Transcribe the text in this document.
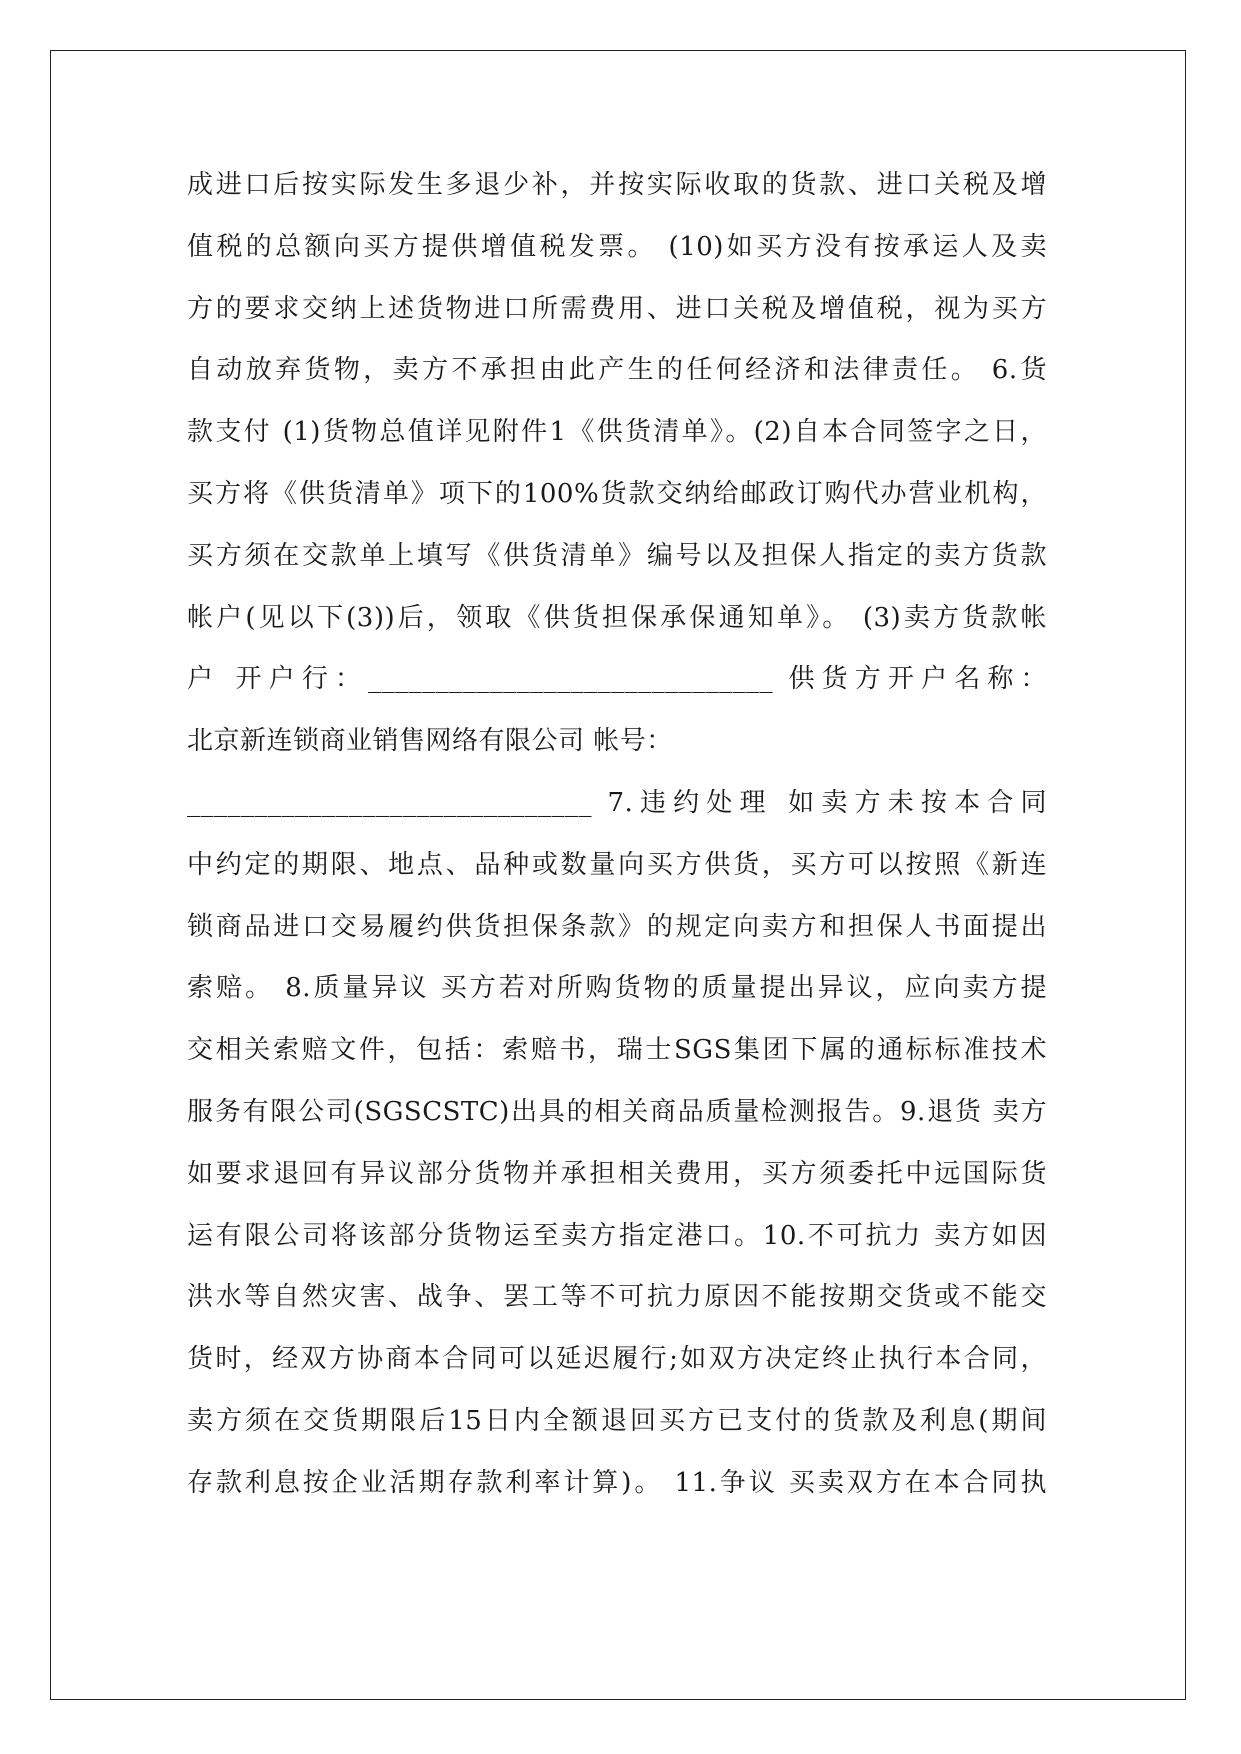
成进口后按实际发生多退少补，并按实际收取的货款、进口关税及增
值税的总额向买方提供增值税发票。 (10)如买方没有按承运人及卖
方的要求交纳上述货物进口所需费用、进口关税及增值税，视为买方
自动放弃货物，卖方不承担由此产生的任何经济和法律责任。 6.货
款支付 (1)货物总值详见附件1《供货清单》。(2)自本合同签字之日，
买方将《供货清单》项下的100%货款交纳给邮政订购代办营业机构，
买方须在交款单上填写《供货清单》编号以及担保人指定的卖方货款
帐户(见以下(3))后，领取《供货担保承保通知单》。 (3)卖方货款帐
户 开户行：______________________________ 供货方开户名称：
北京新连锁商业销售网络有限公司 帐号：
______________________________ 7.违约处理 如卖方未按本合同
中约定的期限、地点、品种或数量向买方供货，买方可以按照《新连
锁商品进口交易履约供货担保条款》的规定向卖方和担保人书面提出
索赔。 8.质量异议 买方若对所购货物的质量提出异议，应向卖方提
交相关索赔文件，包括：索赔书，瑞士SGS集团下属的通标标准技术
服务有限公司(SGSCSTC)出具的相关商品质量检测报告。9.退货 卖方
如要求退回有异议部分货物并承担相关费用，买方须委托中远国际货
运有限公司将该部分货物运至卖方指定港口。10.不可抗力 卖方如因
洪水等自然灾害、战争、罢工等不可抗力原因不能按期交货或不能交
货时，经双方协商本合同可以延迟履行;如双方决定终止执行本合同，
卖方须在交货期限后15日内全额退回买方已支付的货款及利息(期间
存款利息按企业活期存款利率计算)。 11.争议 买卖双方在本合同执
